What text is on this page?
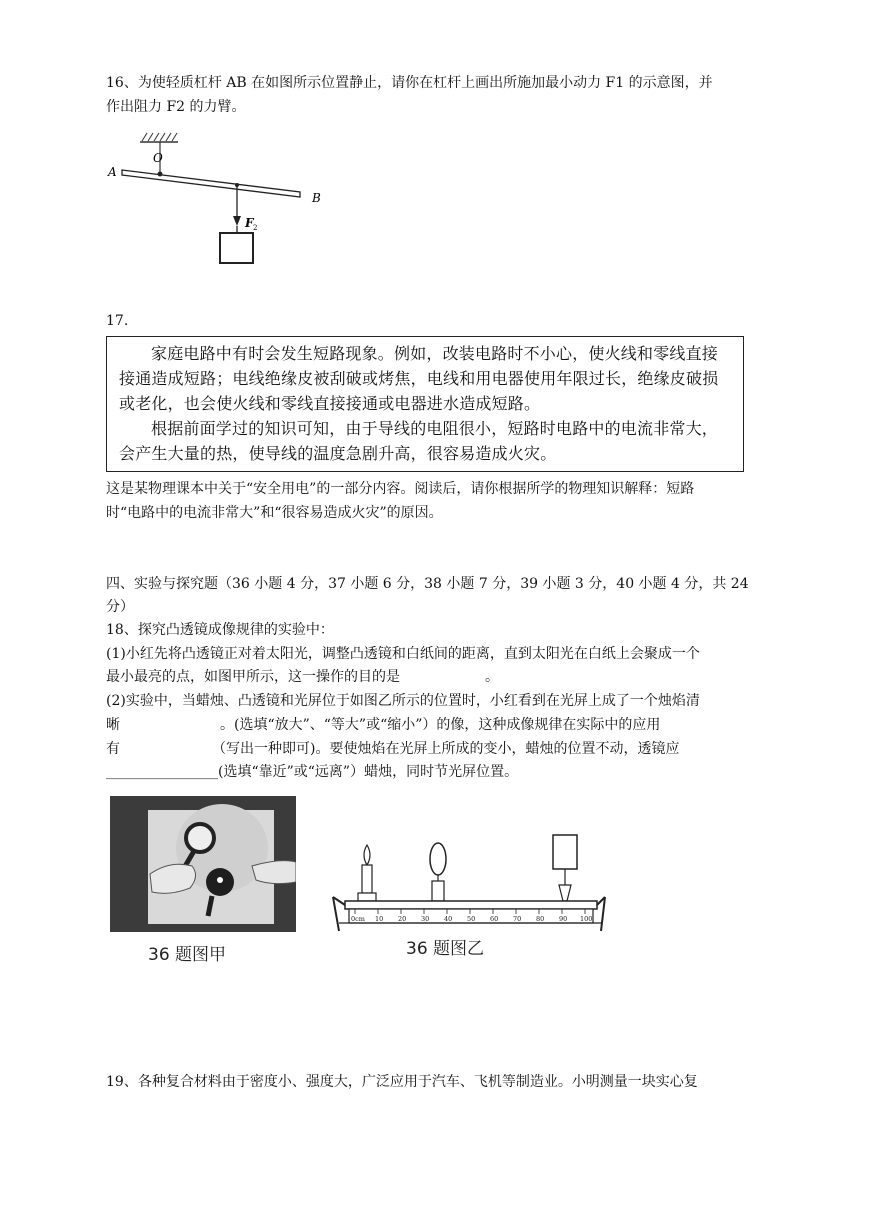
16、为使轻质杠杆 AB 在如图所示位置静止，请你在杠杆上画出所施加最小动力 F1 的示意图，并
作出阻力 F2 的力臂。
A
O
B
F 2
17.

家庭电路中有时会发生短路现象。例如，改装电路时不小心，使火线和零线直接接通造成短路；电线绝缘皮被刮破或烤焦，电线和用电器使用年限过长，绝缘皮破损或老化，也会使火线和零线直接接通或电器进水造成短路。

根据前面学过的知识可知，由于导线的电阻很小，短路时电路中的电流非常大，会产生大量的热，使导线的温度急剧升高，很容易造成火灾。

这是某物理课本中关于“安全用电”的一部分内容。阅读后，请你根据所学的物理知识解释：短路
时“电路中的电流非常大”和“很容易造成火灾”的原因。
四、实验与探究题（36 小题 4 分，37 小题 6 分，38 小题 7 分，39 小题 3 分，40 小题 4 分，共 24
分）
18、探究凸透镜成像规律的实验中：
(1)小红先将凸透镜正对着太阳光，调整凸透镜和白纸间的距离，直到太阳光在白纸上会聚成一个
最小最亮的点，如图甲所示，这一操作的目的是	。
(2)实验中，当蜡烛、凸透镜和光屏位于如图乙所示的位置时，小红看到在光屏上成了一个烛焰清
晰	。(选填“放大”、“等大”或“缩小”）的像，这种成像规律在实际中的应用
有	（写出一种即可)。要使烛焰在光屏上所成的变小，蜡烛的位置不动，透镜应
________________(选填“靠近”或“远离”）蜡烛，同时节光屏位置。
36 题图甲
0cm 10 20 30 40 50 60 70 80 90 100
36 题图乙
19、各种复合材料由于密度小、强度大，广泛应用于汽车、飞机等制造业。小明测量一块实心复
